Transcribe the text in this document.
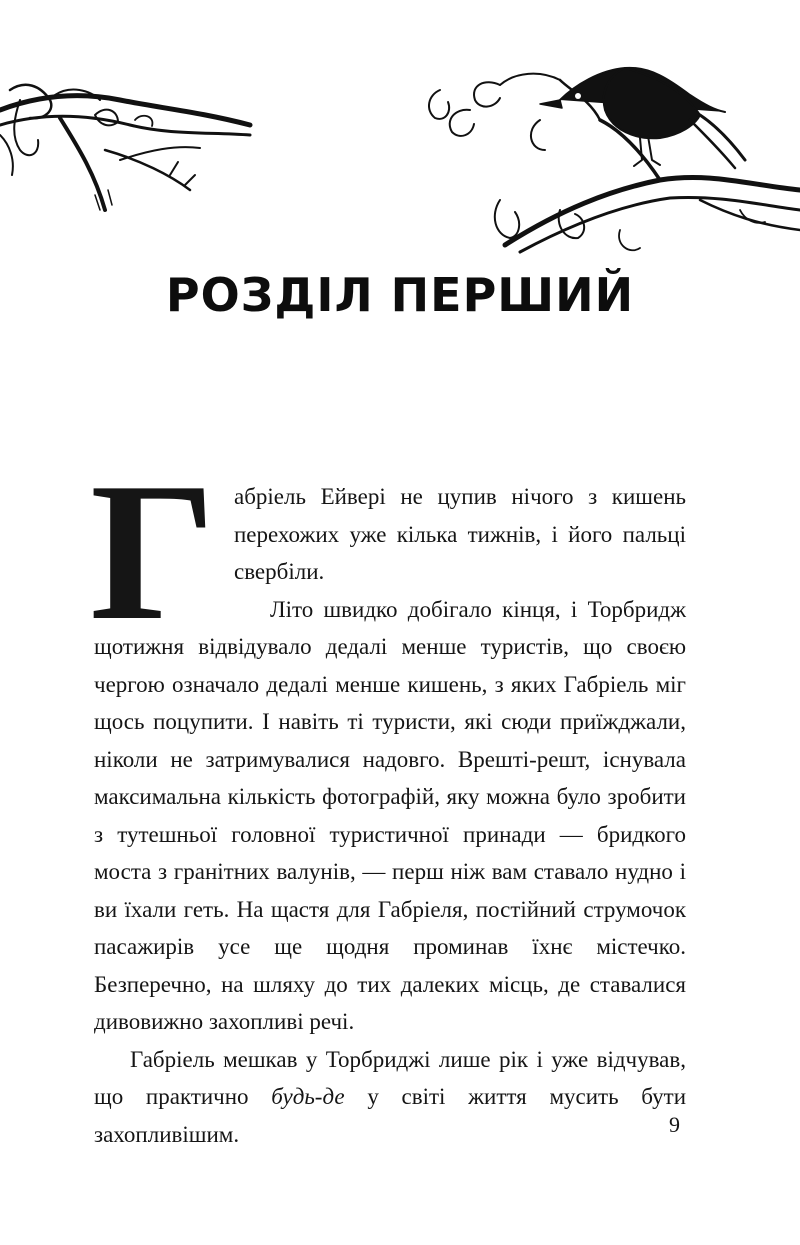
РОЗДІЛ ПЕРШИЙ

Габріель Ейвері не цупив нічого з кишень перехожих уже кілька тижнів, і його пальці свербіли.

Літо швидко добігало кінця, і Торбридж щотижня відвідувало дедалі менше туристів, що своєю чергою означало дедалі менше кишень, з яких Габріель міг щось поцупити. І навіть ті туристи, які сюди приїжджали, ніколи не затримувалися надовго. Врешті-решт, існувала максимальна кількість фотографій, яку можна було зробити з тутешньої головної туристичної принади — бридкого моста з гранітних валунів, — перш ніж вам ставало нудно і ви їхали геть. На щастя для Габріеля, постійний струмочок пасажирів усе ще щодня проминав їхнє містечко. Безперечно, на шляху до тих далеких місць, де ставалися дивовижно захопливі речі.

Габріель мешкав у Торбриджі лише рік і уже відчував, що практично будь-де у світі життя мусить бути захопливішим.	9
